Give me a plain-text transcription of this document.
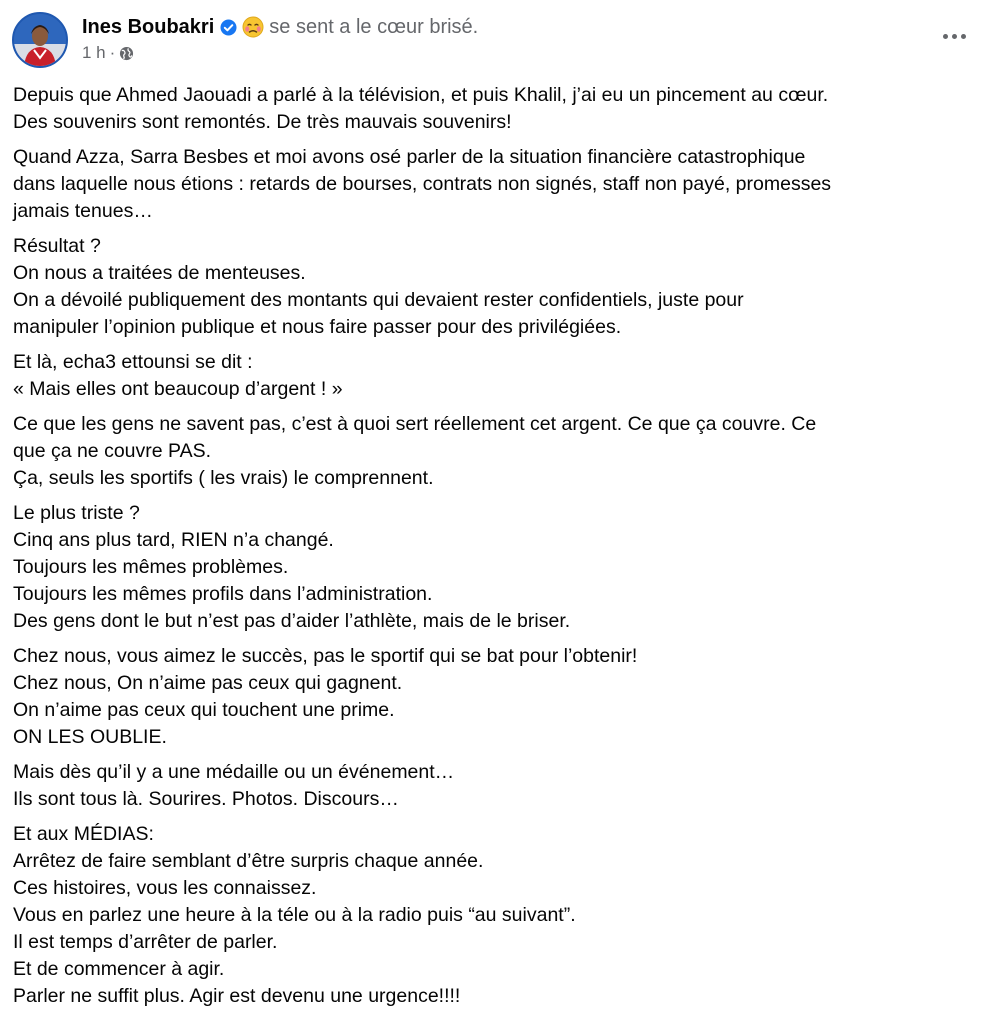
Ines Boubakri	se sent a le cœur brisé.
1 h ·
Depuis que Ahmed Jaouadi a parlé à la télévision, et puis Khalil, j’ai eu un pincement au cœur.
Des souvenirs sont remontés. De très mauvais souvenirs!
Quand Azza, Sarra Besbes et moi avons osé parler de la situation financière catastrophique
dans laquelle nous étions : retards de bourses, contrats non signés, staff non payé, promesses
jamais tenues…
Résultat ?
On nous a traitées de menteuses.
On a dévoilé publiquement des montants qui devaient rester confidentiels, juste pour
manipuler l’opinion publique et nous faire passer pour des privilégiées.
Et là, echa3 ettounsi se dit :
« Mais elles ont beaucoup d’argent ! »
Ce que les gens ne savent pas, c’est à quoi sert réellement cet argent. Ce que ça couvre. Ce
que ça ne couvre PAS.
Ça, seuls les sportifs ( les vrais) le comprennent.
Le plus triste ?
Cinq ans plus tard, RIEN n’a changé.
Toujours les mêmes problèmes.
Toujours les mêmes profils dans l’administration.
Des gens dont le but n’est pas d’aider l’athlète, mais de le briser.
Chez nous, vous aimez le succès, pas le sportif qui se bat pour l’obtenir!
Chez nous, On n’aime pas ceux qui gagnent.
On n’aime pas ceux qui touchent une prime.
ON LES OUBLIE.
Mais dès qu’il y a une médaille ou un événement…
Ils sont tous là. Sourires. Photos. Discours…
Et aux MÉDIAS:
Arrêtez de faire semblant d’être surpris chaque année.
Ces histoires, vous les connaissez.
Vous en parlez une heure à la téle ou à la radio puis “au suivant”.
Il est temps d’arrêter de parler.
Et de commencer à agir.
Parler ne suffit plus. Agir est devenu une urgence!!!!
